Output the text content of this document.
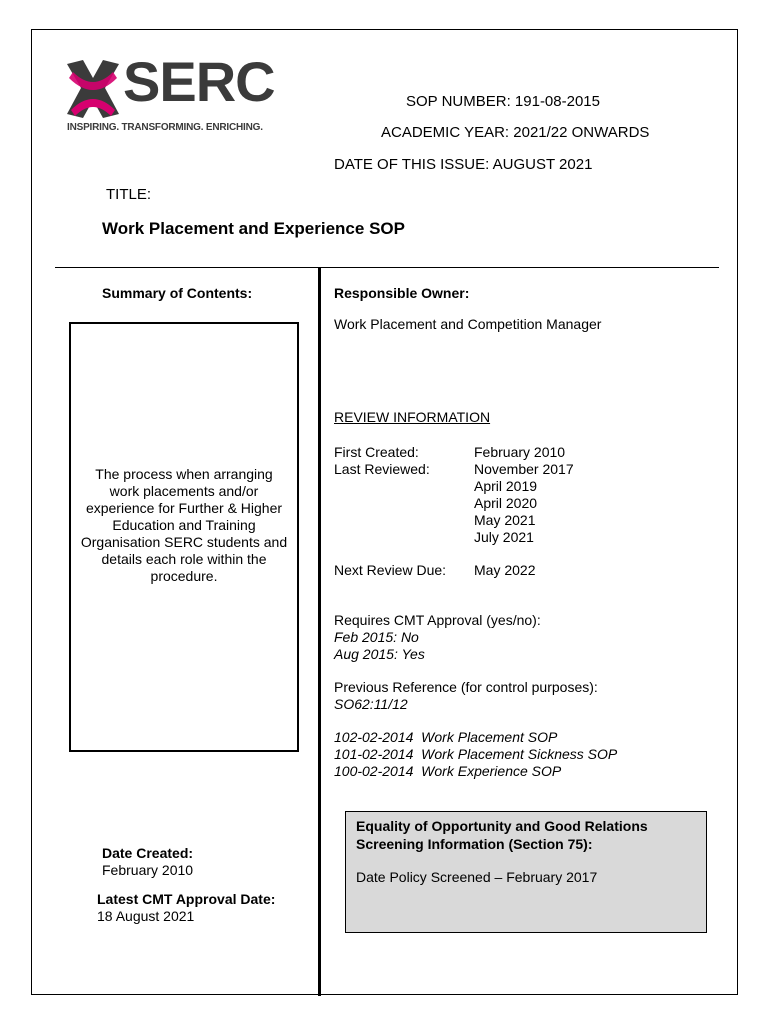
SERC
INSPIRING. TRANSFORMING. ENRICHING.
SOP NUMBER: 191-08-2015
ACADEMIC YEAR: 2021/22 ONWARDS
DATE OF THIS ISSUE: AUGUST 2021
TITLE:
Work Placement and Experience SOP
Summary of Contents:
The process when arranging work placements and/or experience for Further & Higher Education and Training Organisation SERC students and details each role within the procedure.
Date Created:
February 2010
Latest CMT Approval Date:
18 August 2021
Responsible Owner:
Work Placement and Competition Manager
REVIEW INFORMATION
First Created:	February 2010
Last Reviewed:	November 2017
April 2019
April 2020
May 2021
July 2021
Next Review Due: May 2022
Requires CMT Approval (yes/no):
Feb 2015: No
Aug 2015: Yes
Previous Reference (for control purposes):
SO62:11/12
102-02-2014  Work Placement SOP
101-02-2014  Work Placement Sickness SOP
100-02-2014  Work Experience SOP
Equality of Opportunity and Good Relations
Screening Information (Section 75):
Date Policy Screened – February 2017
